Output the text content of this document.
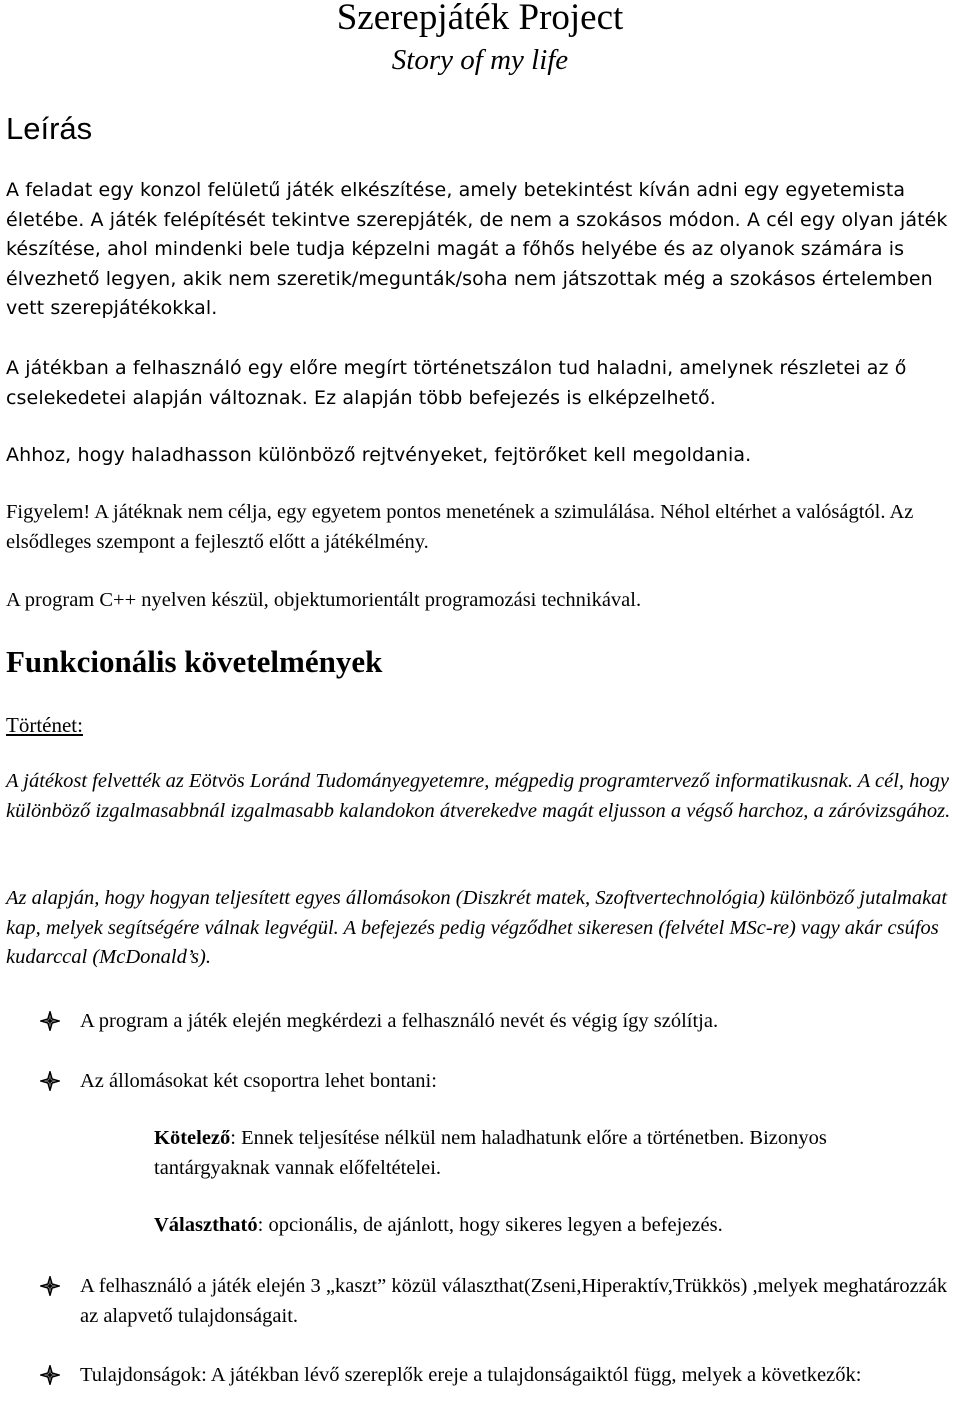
Szerepjáték Project
Story of my life
Leírás

A feladat egy konzol felületű játék elkészítése, amely betekintést kíván adni egy egyetemista életébe. A játék felépítését tekintve szerepjáték, de nem a szokásos módon. A cél egy olyan játék készítése, ahol mindenki bele tudja képzelni magát a főhős helyébe és az olyanok számára is élvezhető legyen, akik nem szeretik/megunták/soha nem játszottak még a szokásos értelemben vett szerepjátékokkal.

A játékban a felhasználó egy előre megírt történetszálon tud haladni, amelynek részletei az ő cselekedetei alapján változnak. Ez alapján több befejezés is elképzelhető.

Ahhoz, hogy haladhasson különböző rejtvényeket, fejtörőket kell megoldania.

Figyelem! A játéknak nem célja, egy egyetem pontos menetének a szimulálása. Néhol eltérhet a valóságtól. Az elsődleges szempont a fejlesztő előtt a játékélmény.

A program C++ nyelven készül, objektumorientált programozási technikával.

Funkcionális követelmények
Történet:

A játékost felvették az Eötvös Loránd Tudományegyetemre, mégpedig programtervező informatikusnak. A cél, hogy különböző izgalmasabbnál izgalmasabb kalandokon átverekedve magát eljusson a végső harchoz, a záróvizsgához.

Az alapján, hogy hogyan teljesített egyes állomásokon (Diszkrét matek, Szoftvertechnológia) különböző jutalmakat kap, melyek segítségére válnak legvégül. A befejezés pedig végződhet sikeresen (felvétel MSc-re) vagy akár csúfos kudarccal (McDonald’s).

A program a játék elején megkérdezi a felhasználó nevét és végig így szólítja.
Az állomásokat két csoportra lehet bontani:
Kötelező: Ennek teljesítése nélkül nem haladhatunk előre a történetben. Bizonyos tantárgyaknak vannak előfeltételei.
Választható: opcionális, de ajánlott, hogy sikeres legyen a befejezés.
A felhasználó a játék elején 3 „kaszt” közül választhat(Zseni,Hiperaktív,Trükkös) ,melyek meghatározzák az alapvető tulajdonságait.
Tulajdonságok: A játékban lévő szereplők ereje a tulajdonságaiktól függ, melyek a következők:
